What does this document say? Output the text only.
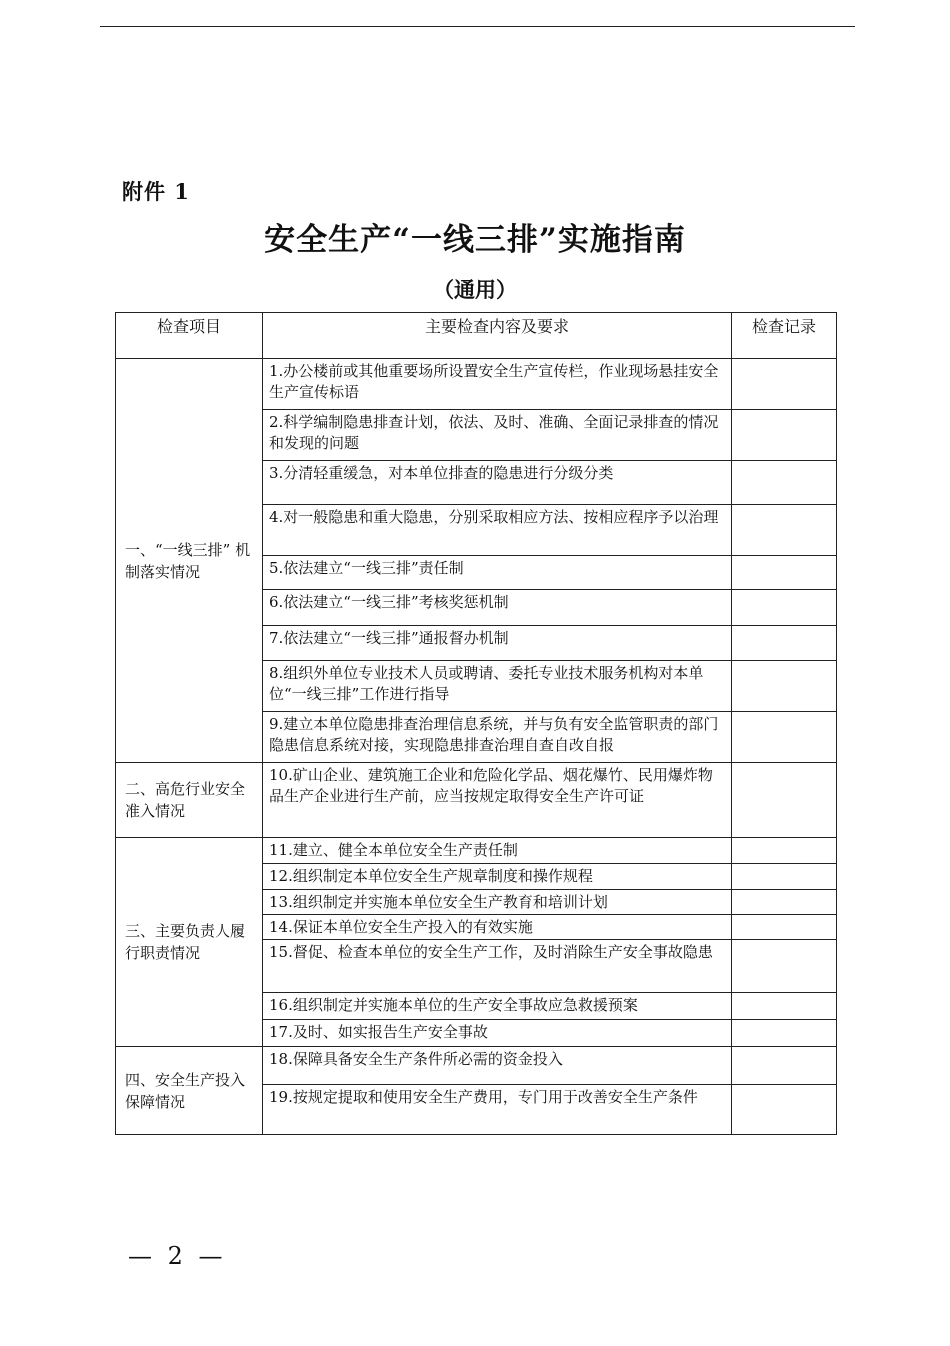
附件 1
安全生产“一线三排”实施指南
（通用）
检查项目	主要检查内容及要求	检查记录
一、“一线三排” 机制落实情况	1.办公楼前或其他重要场所设置安全生产宣传栏，作业现场悬挂安全生产宣传标语	
	2.科学编制隐患排查计划，依法、及时、准确、全面记录排查的情况和发现的问题	
	3.分清轻重缓急，对本单位排查的隐患进行分级分类	
	4.对一般隐患和重大隐患，分别采取相应方法、按相应程序予以治理	
	5.依法建立“一线三排”责任制	
	6.依法建立“一线三排”考核奖惩机制	
	7.依法建立“一线三排”通报督办机制	
	8.组织外单位专业技术人员或聘请、委托专业技术服务机构对本单位“一线三排”工作进行指导	
	9.建立本单位隐患排查治理信息系统，并与负有安全监管职责的部门隐患信息系统对接，实现隐患排查治理自查自改自报	
二、高危行业安全准入情况	10.矿山企业、建筑施工企业和危险化学品、烟花爆竹、民用爆炸物品生产企业进行生产前，应当按规定取得安全生产许可证	
三、主要负责人履行职责情况	11.建立、健全本单位安全生产责任制	
	12.组织制定本单位安全生产规章制度和操作规程	
	13.组织制定并实施本单位安全生产教育和培训计划	
	14.保证本单位安全生产投入的有效实施	
	15.督促、检查本单位的安全生产工作，及时消除生产安全事故隐患	
	16.组织制定并实施本单位的生产安全事故应急救援预案	
	17.及时、如实报告生产安全事故	
四、安全生产投入保障情况	18.保障具备安全生产条件所必需的资金投入	
	19.按规定提取和使用安全生产费用，专门用于改善安全生产条件	
— 2 —
